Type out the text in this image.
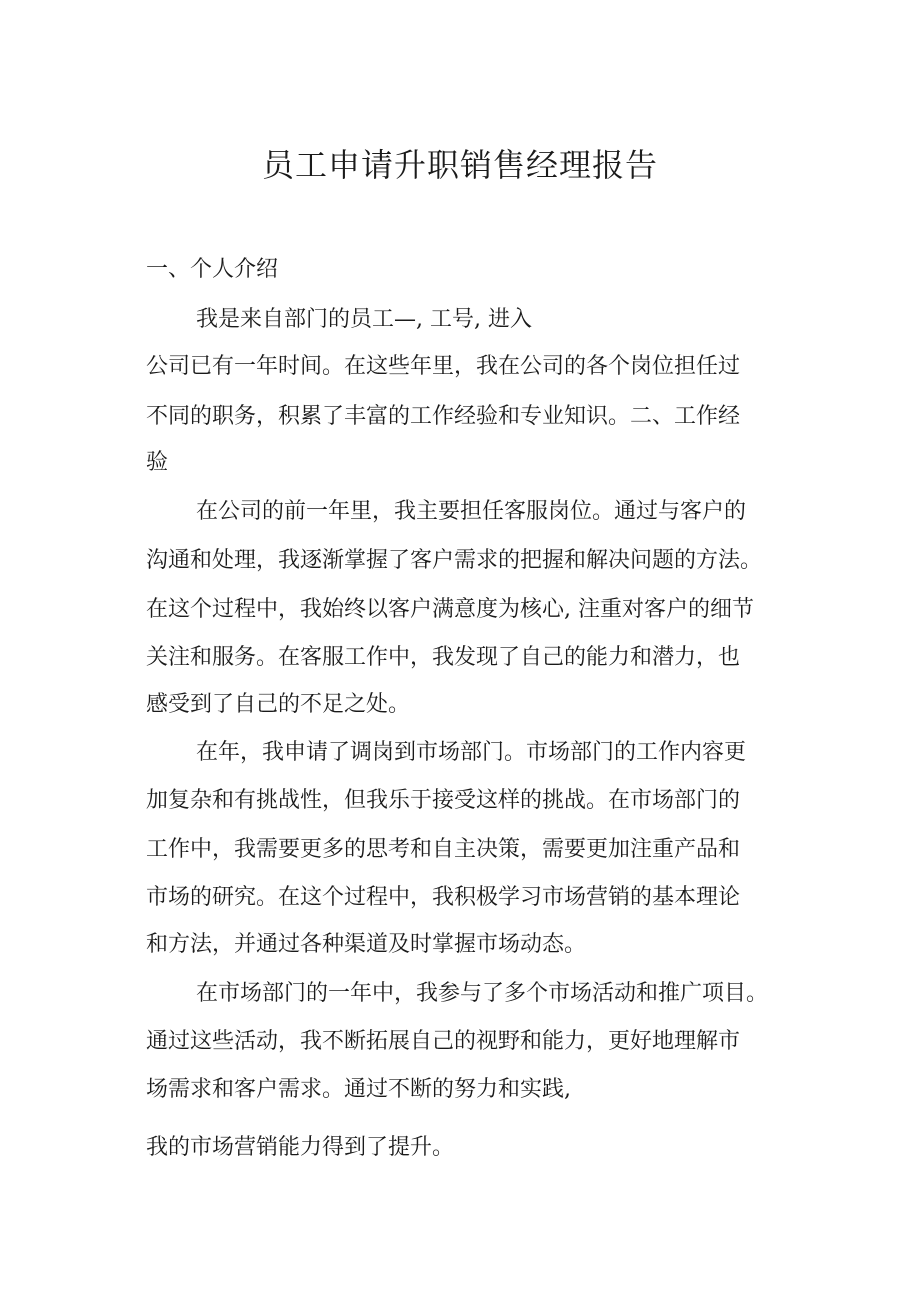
员工申请升职销售经理报告
一、个人介绍
我是来自部门的员工—, 工号, 进入
公司已有一年时间。在这些年里，我在公司的各个岗位担任过
不同的职务，积累了丰富的工作经验和专业知识。二、工作经
验
在公司的前一年里，我主要担任客服岗位。通过与客户的
沟通和处理，我逐渐掌握了客户需求的把握和解决问题的方法。
在这个过程中，我始终以客户满意度为核心, 注重对客户的细节
关注和服务。在客服工作中，我发现了自己的能力和潜力，也
感受到了自己的不足之处。
在年，我申请了调岗到市场部门。市场部门的工作内容更
加复杂和有挑战性，但我乐于接受这样的挑战。在市场部门的
工作中，我需要更多的思考和自主决策，需要更加注重产品和
市场的研究。在这个过程中，我积极学习市场营销的基本理论
和方法，并通过各种渠道及时掌握市场动态。
在市场部门的一年中，我参与了多个市场活动和推广项目。
通过这些活动，我不断拓展自己的视野和能力，更好地理解市
场需求和客户需求。通过不断的努力和实践,
我的市场营销能力得到了提升。
